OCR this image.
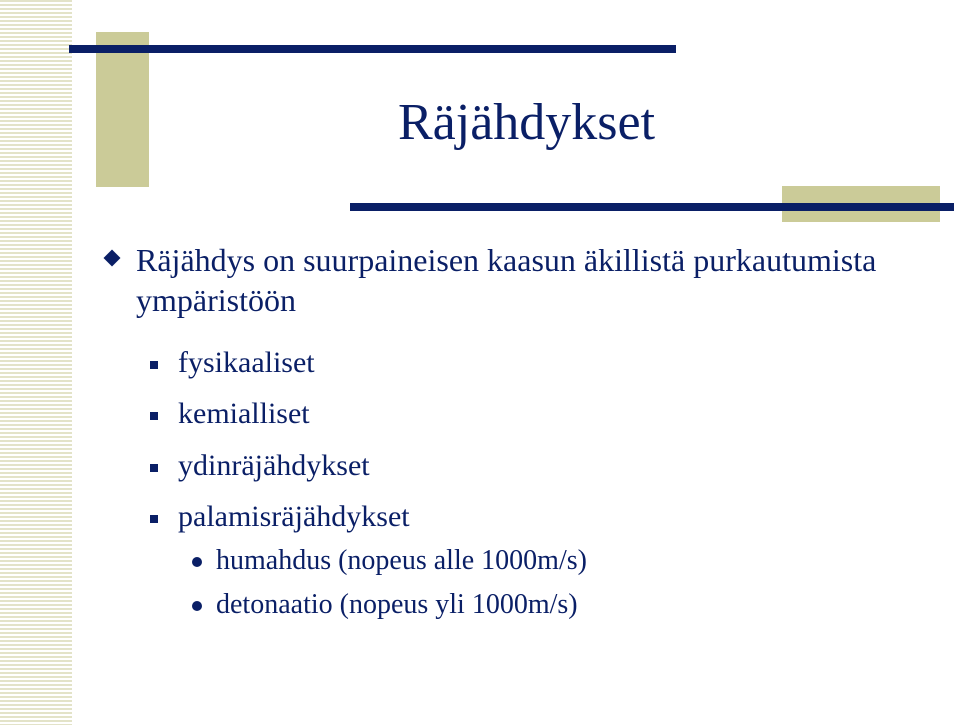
Räjähdykset
Räjähdys on suurpaineisen kaasun äkillistä purkautumista ympäristöön
fysikaaliset
kemialliset
ydinräjähdykset
palamisräjähdykset
humahdus (nopeus alle 1000m/s)
detonaatio (nopeus yli 1000m/s)
